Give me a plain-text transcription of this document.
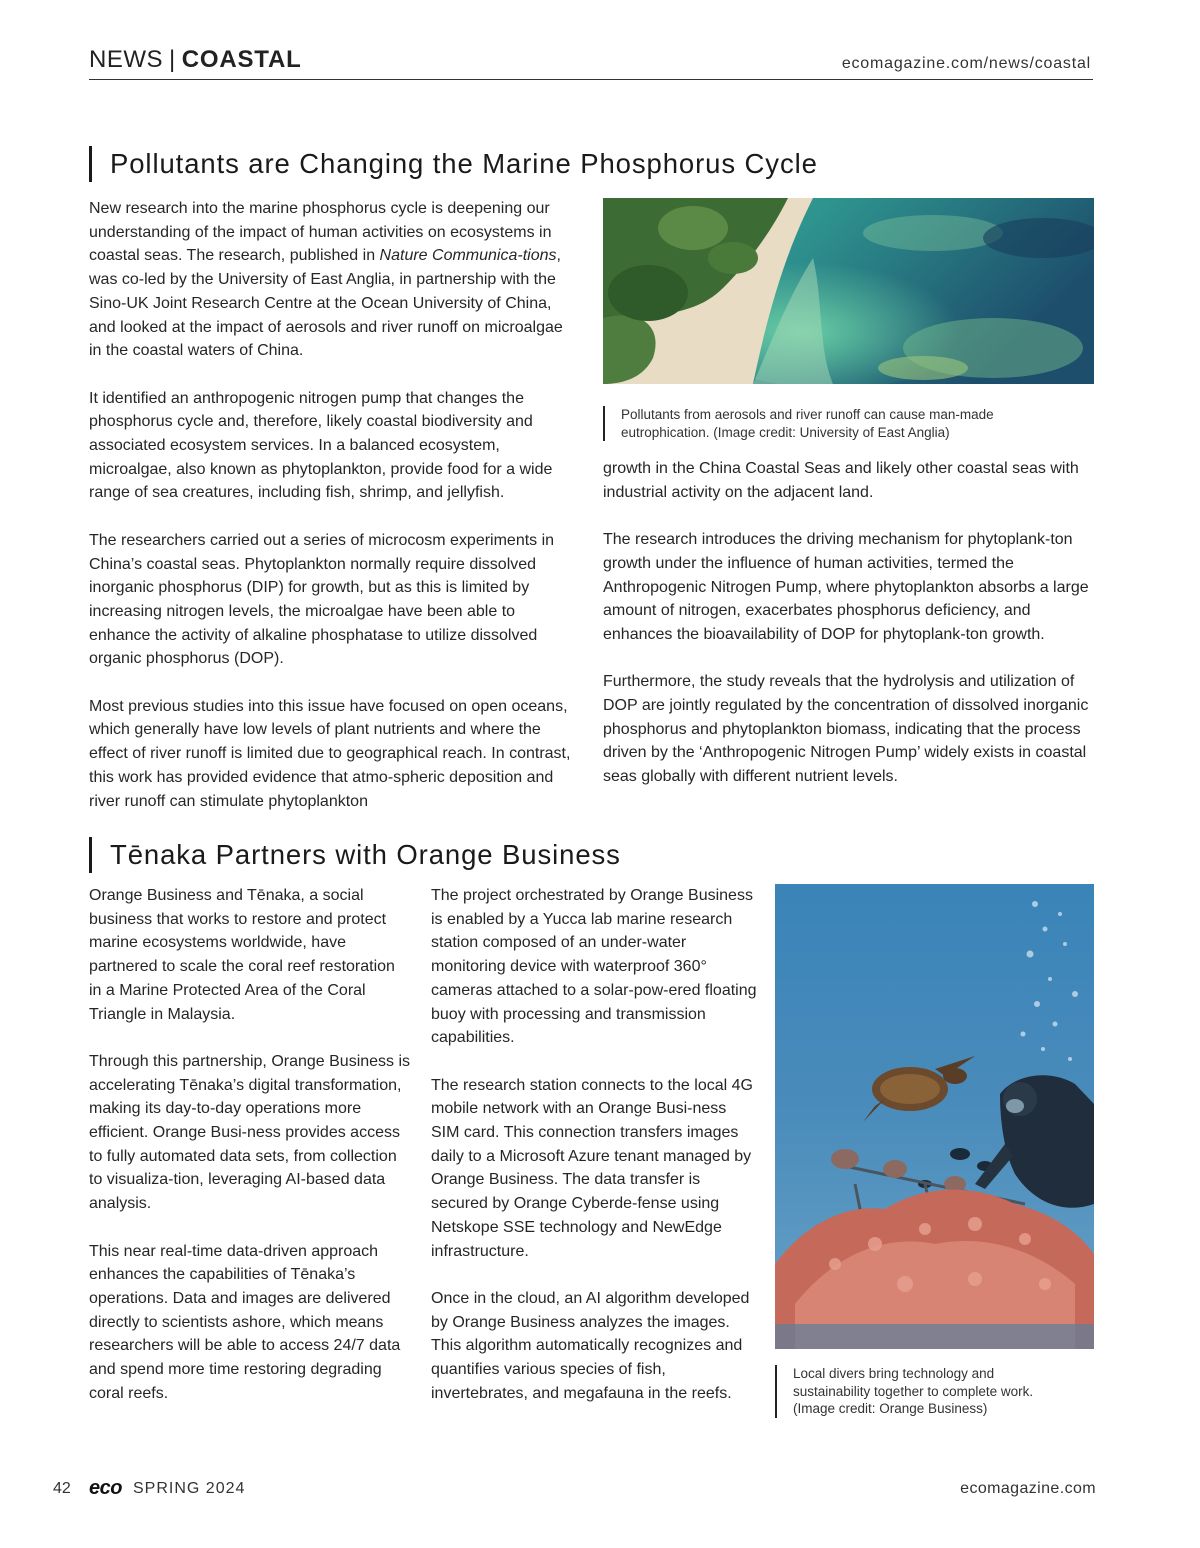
NEWS | COASTAL	ecomagazine.com/news/coastal
Pollutants are Changing the Marine Phosphorus Cycle

New research into the marine phosphorus cycle is deepening our understanding of the impact of human activities on ecosystems in coastal seas. The research, published in Nature Communica-tions, was co-led by the University of East Anglia, in partnership with the Sino-UK Joint Research Centre at the Ocean University of China, and looked at the impact of aerosols and river runoff on microalgae in the coastal waters of China.

It identified an anthropogenic nitrogen pump that changes the phosphorus cycle and, therefore, likely coastal biodiversity and associated ecosystem services. In a balanced ecosystem, microalgae, also known as phytoplankton, provide food for a wide range of sea creatures, including fish, shrimp, and jellyfish.

The researchers carried out a series of microcosm experiments in China’s coastal seas. Phytoplankton normally require dissolved inorganic phosphorus (DIP) for growth, but as this is limited by increasing nitrogen levels, the microalgae have been able to enhance the activity of alkaline phosphatase to utilize dissolved organic phosphorus (DOP).

Most previous studies into this issue have focused on open oceans, which generally have low levels of plant nutrients and where the effect of river runoff is limited due to geographical reach. In contrast, this work has provided evidence that atmo-spheric deposition and river runoff can stimulate phytoplankton

Pollutants from aerosols and river runoff can cause man-made eutrophication. (Image credit: University of East Anglia)

growth in the China Coastal Seas and likely other coastal seas with industrial activity on the adjacent land.

The research introduces the driving mechanism for phytoplank-ton growth under the influence of human activities, termed the Anthropogenic Nitrogen Pump, where phytoplankton absorbs a large amount of nitrogen, exacerbates phosphorus deficiency, and enhances the bioavailability of DOP for phytoplank-ton growth.

Furthermore, the study reveals that the hydrolysis and utilization of DOP are jointly regulated by the concentration of dissolved inorganic phosphorus and phytoplankton biomass, indicating that the process driven by the ‘Anthropogenic Nitrogen Pump’ widely exists in coastal seas globally with different nutrient levels.

Tēnaka Partners with Orange Business

Orange Business and Tēnaka, a social business that works to restore and protect marine ecosystems worldwide, have partnered to scale the coral reef restoration in a Marine Protected Area of the Coral Triangle in Malaysia.

Through this partnership, Orange Business is accelerating Tēnaka’s digital transformation, making its day-to-day operations more efficient. Orange Busi-ness provides access to fully automated data sets, from collection to visualiza-tion, leveraging AI-based data analysis.

This near real-time data-driven approach enhances the capabilities of Tēnaka’s operations. Data and images are delivered directly to scientists ashore, which means researchers will be able to access 24/7 data and spend more time restoring degrading coral reefs.

The project orchestrated by Orange Business is enabled by a Yucca lab marine research station composed of an under-water monitoring device with waterproof 360° cameras attached to a solar-pow-ered floating buoy with processing and transmission capabilities.

The research station connects to the local 4G mobile network with an Orange Busi-ness SIM card. This connection transfers images daily to a Microsoft Azure tenant managed by Orange Business. The data transfer is secured by Orange Cyberde-fense using Netskope SSE technology and NewEdge infrastructure.

Once in the cloud, an AI algorithm developed by Orange Business analyzes the images. This algorithm automatically recognizes and quantifies various species of fish, invertebrates, and megafauna in the reefs.

Local divers bring technology and sustainability together to complete work. (Image credit: Orange Business)
42 eco SPRING 2024	ecomagazine.com
